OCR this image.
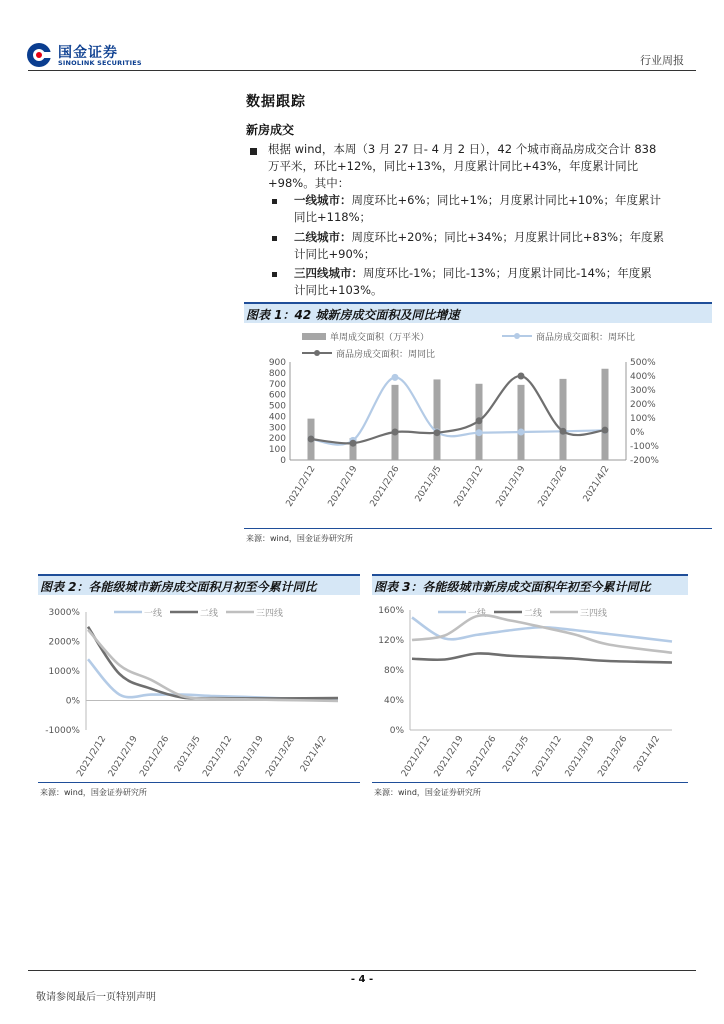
国金证券
SINOLINK SECURITIES	行业周报
数据跟踪
新房成交
根据 wind，本周（3 月 27 日- 4 月 2 日），42 个城市商品房成交合计 838
万平米，环比+12%，同比+13%，月度累计同比+43%，年度累计同比
+98%。其中：
一线城市：周度环比+6%；同比+1%；月度累计同比+10%；年度累计
同比+118%；
二线城市：周度环比+20%；同比+34%；月度累计同比+83%；年度累
计同比+90%；
三四线城市：周度环比-1%；同比-13%；月度累计同比-14%；年度累
计同比+103%。
图表 1：42 城新房成交面积及同比增速
单周成交面积（万平米）	商品房成交面积：周环比
商品房成交面积：周同比
0
100
200
300
400
500
600
700
800
900
-200%
-100%
0%
100%
200%
300%
400%
500%
2021/2/12 2021/2/19 2021/2/26 2021/3/5 2021/3/12 2021/3/19 2021/3/26 2021/4/2
来源：wind，国金证券研究所
图表 2：各能级城市新房成交面积月初至今累计同比
一线	二线	三四线
-1000%
0%
1000%
2000%
3000%
2021/2/12
2021/2/19
2021/2/26 2021/3/5
2021/3/12
2021/3/19
2021/3/26 2021/4/2
来源：wind，国金证券研究所
图表 3：各能级城市新房成交面积年初至今累计同比
一线	二线	三四线
0%
40%
80%
120%
160%
2021/2/12 2021/2/19 2021/2/26 2021/3/5 2021/3/12 2021/3/19 2021/3/26 2021/4/2
来源：wind，国金证券研究所
- 4 -
敬请参阅最后一页特别声明
